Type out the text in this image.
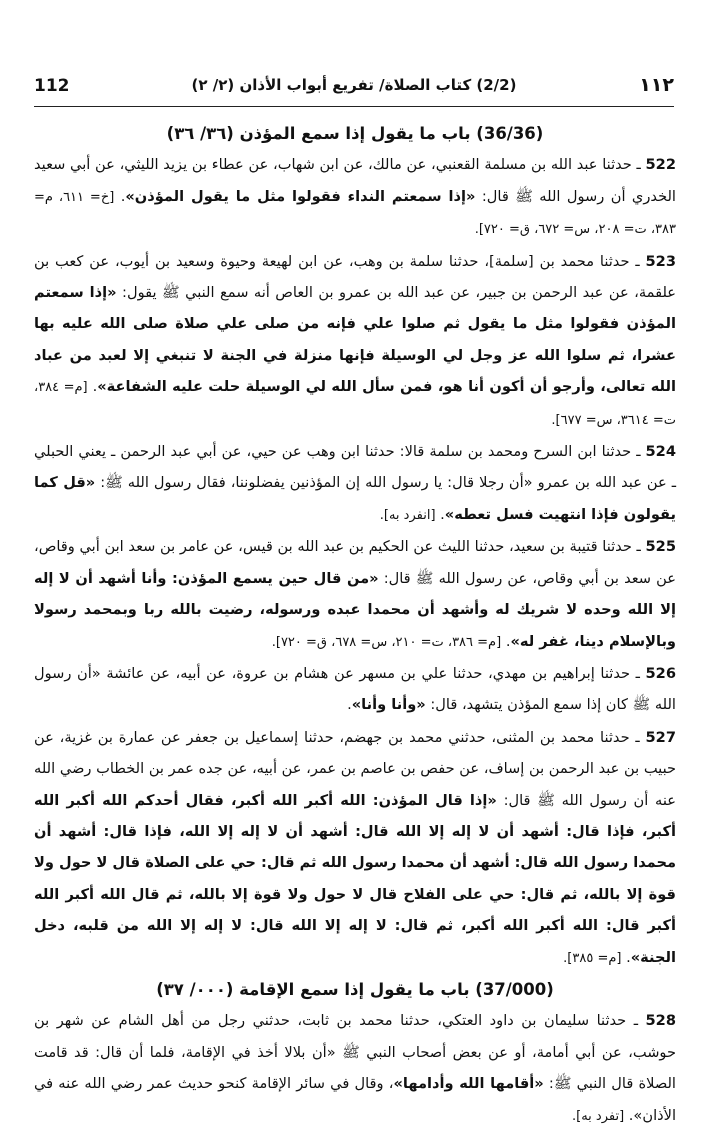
112	(2/2) كتاب الصلاة/ تفريع أبواب الأذان (٢/ ٢)	١١٢

(36/36) باب ما يقول إذا سمع المؤذن (٣٦/ ٣٦)

522 ـ حدثنا عبد الله بن مسلمة القعنبي، عن مالك، عن ابن شهاب، عن عطاء بن يزيد الليثي، عن أبي سعيد الخدري أن رسول الله ﷺ قال: «إذا سمعتم النداء فقولوا مثل ما يقول المؤذن». [خ= ٦١١، م= ٣٨٣، ت= ٢٠٨، س= ٦٧٢، ق= ٧٢٠].

523 ـ حدثنا محمد بن [سلمة]، حدثنا سلمة بن وهب، عن ابن لهيعة وحيوة وسعيد بن أيوب، عن كعب بن علقمة، عن عبد الرحمن بن جبير، عن عبد الله بن عمرو بن العاص أنه سمع النبي ﷺ يقول: «إذا سمعتم المؤذن فقولوا مثل ما يقول ثم صلوا علي فإنه من صلى علي صلاة صلى الله عليه بها عشرا، ثم سلوا الله عز وجل لي الوسيلة فإنها منزلة في الجنة لا تنبغي إلا لعبد من عباد الله تعالى، وأرجو أن أكون أنا هو، فمن سأل الله لي الوسيلة حلت عليه الشفاعة». [م= ٣٨٤، ت= ٣٦١٤، س= ٦٧٧].

524 ـ حدثنا ابن السرح ومحمد بن سلمة قالا: حدثنا ابن وهب عن حيي، عن أبي عبد الرحمن ـ يعني الحبلي ـ عن عبد الله بن عمرو «أن رجلا قال: يا رسول الله إن المؤذنين يفضلوننا، فقال رسول الله ﷺ: «قل كما يقولون فإذا انتهيت فسل تعطه». [انفرد به].

525 ـ حدثنا قتيبة بن سعيد، حدثنا الليث عن الحكيم بن عبد الله بن قيس، عن عامر بن سعد ابن أبي وقاص، عن سعد بن أبي وقاص، عن رسول الله ﷺ قال: «من قال حين يسمع المؤذن: وأنا أشهد أن لا إله إلا الله وحده لا شريك له وأشهد أن محمدا عبده ورسوله، رضيت بالله ربا وبمحمد رسولا وبالإسلام دينا، غفر له». [م= ٣٨٦، ت= ٢١٠، س= ٦٧٨، ق= ٧٢٠].

526 ـ حدثنا إبراهيم بن مهدي، حدثنا علي بن مسهر عن هشام بن عروة، عن أبيه، عن عائشة «أن رسول الله ﷺ كان إذا سمع المؤذن يتشهد، قال: «وأنا وأنا».

527 ـ حدثنا محمد بن المثنى، حدثني محمد بن جهضم، حدثنا إسماعيل بن جعفر عن عمارة بن غزية، عن حبيب بن عبد الرحمن بن إساف، عن حفص بن عاصم بن عمر، عن أبيه، عن جده عمر بن الخطاب رضي الله عنه أن رسول الله ﷺ قال: «إذا قال المؤذن: الله أكبر الله أكبر، فقال أحدكم الله أكبر الله أكبر، فإذا قال: أشهد أن لا إله إلا الله قال: أشهد أن لا إله إلا الله، فإذا قال: أشهد أن محمدا رسول الله قال: أشهد أن محمدا رسول الله ثم قال: حي على الصلاة قال لا حول ولا قوة إلا بالله، ثم قال: حي على الفلاح قال لا حول ولا قوة إلا بالله، ثم قال الله أكبر الله أكبر قال: الله أكبر الله أكبر، ثم قال: لا إله إلا الله قال: لا إله إلا الله من قلبه، دخل الجنة». [م= ٣٨٥].

(37/000) باب ما يقول إذا سمع الإقامة (٠٠٠/ ٣٧)

528 ـ حدثنا سليمان بن داود العتكي، حدثنا محمد بن ثابت، حدثني رجل من أهل الشام عن شهر بن حوشب، عن أبي أمامة، أو عن بعض أصحاب النبي ﷺ «أن بلالا أخذ في الإقامة، فلما أن قال: قد قامت الصلاة قال النبي ﷺ: «أقامها الله وأدامها»، وقال في سائر الإقامة كنحو حديث عمر رضي الله عنه في الأذان». [تفرد به].
